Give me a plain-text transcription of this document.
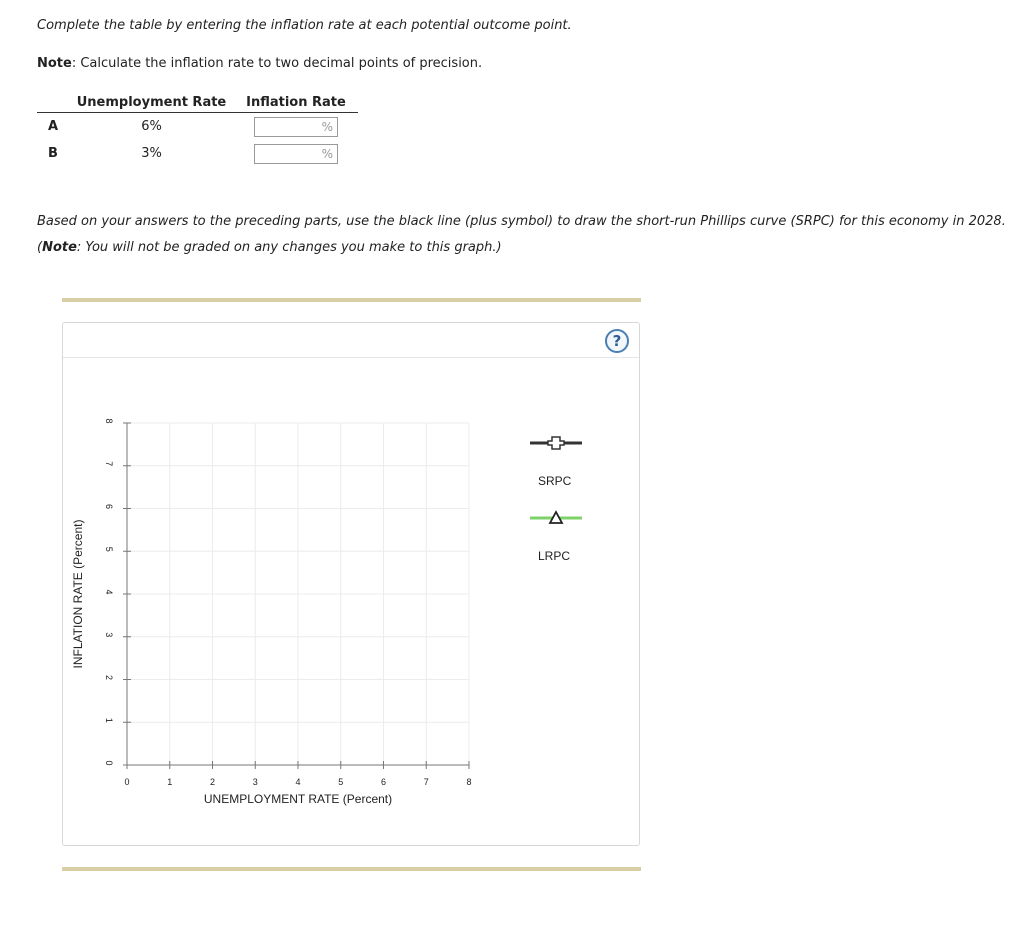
Complete the table by entering the inflation rate at each potential outcome point.
Note: Calculate the inflation rate to two decimal points of precision.
	Unemployment Rate	Inflation Rate
A	6%	%

B	3%	%
Based on your answers to the preceding parts, use the black line (plus symbol) to draw the short-run Phillips curve (SRPC) for this economy in 2028.
(Note: You will not be graded on any changes you make to this graph.)
?
0	1	2	3	4	5	6	7	8
0
1
2
3
4
5
6
7
8
UNEMPLOYMENT RATE (Percent)
INFLATION RATE (Percent)
SRPC
LRPC
